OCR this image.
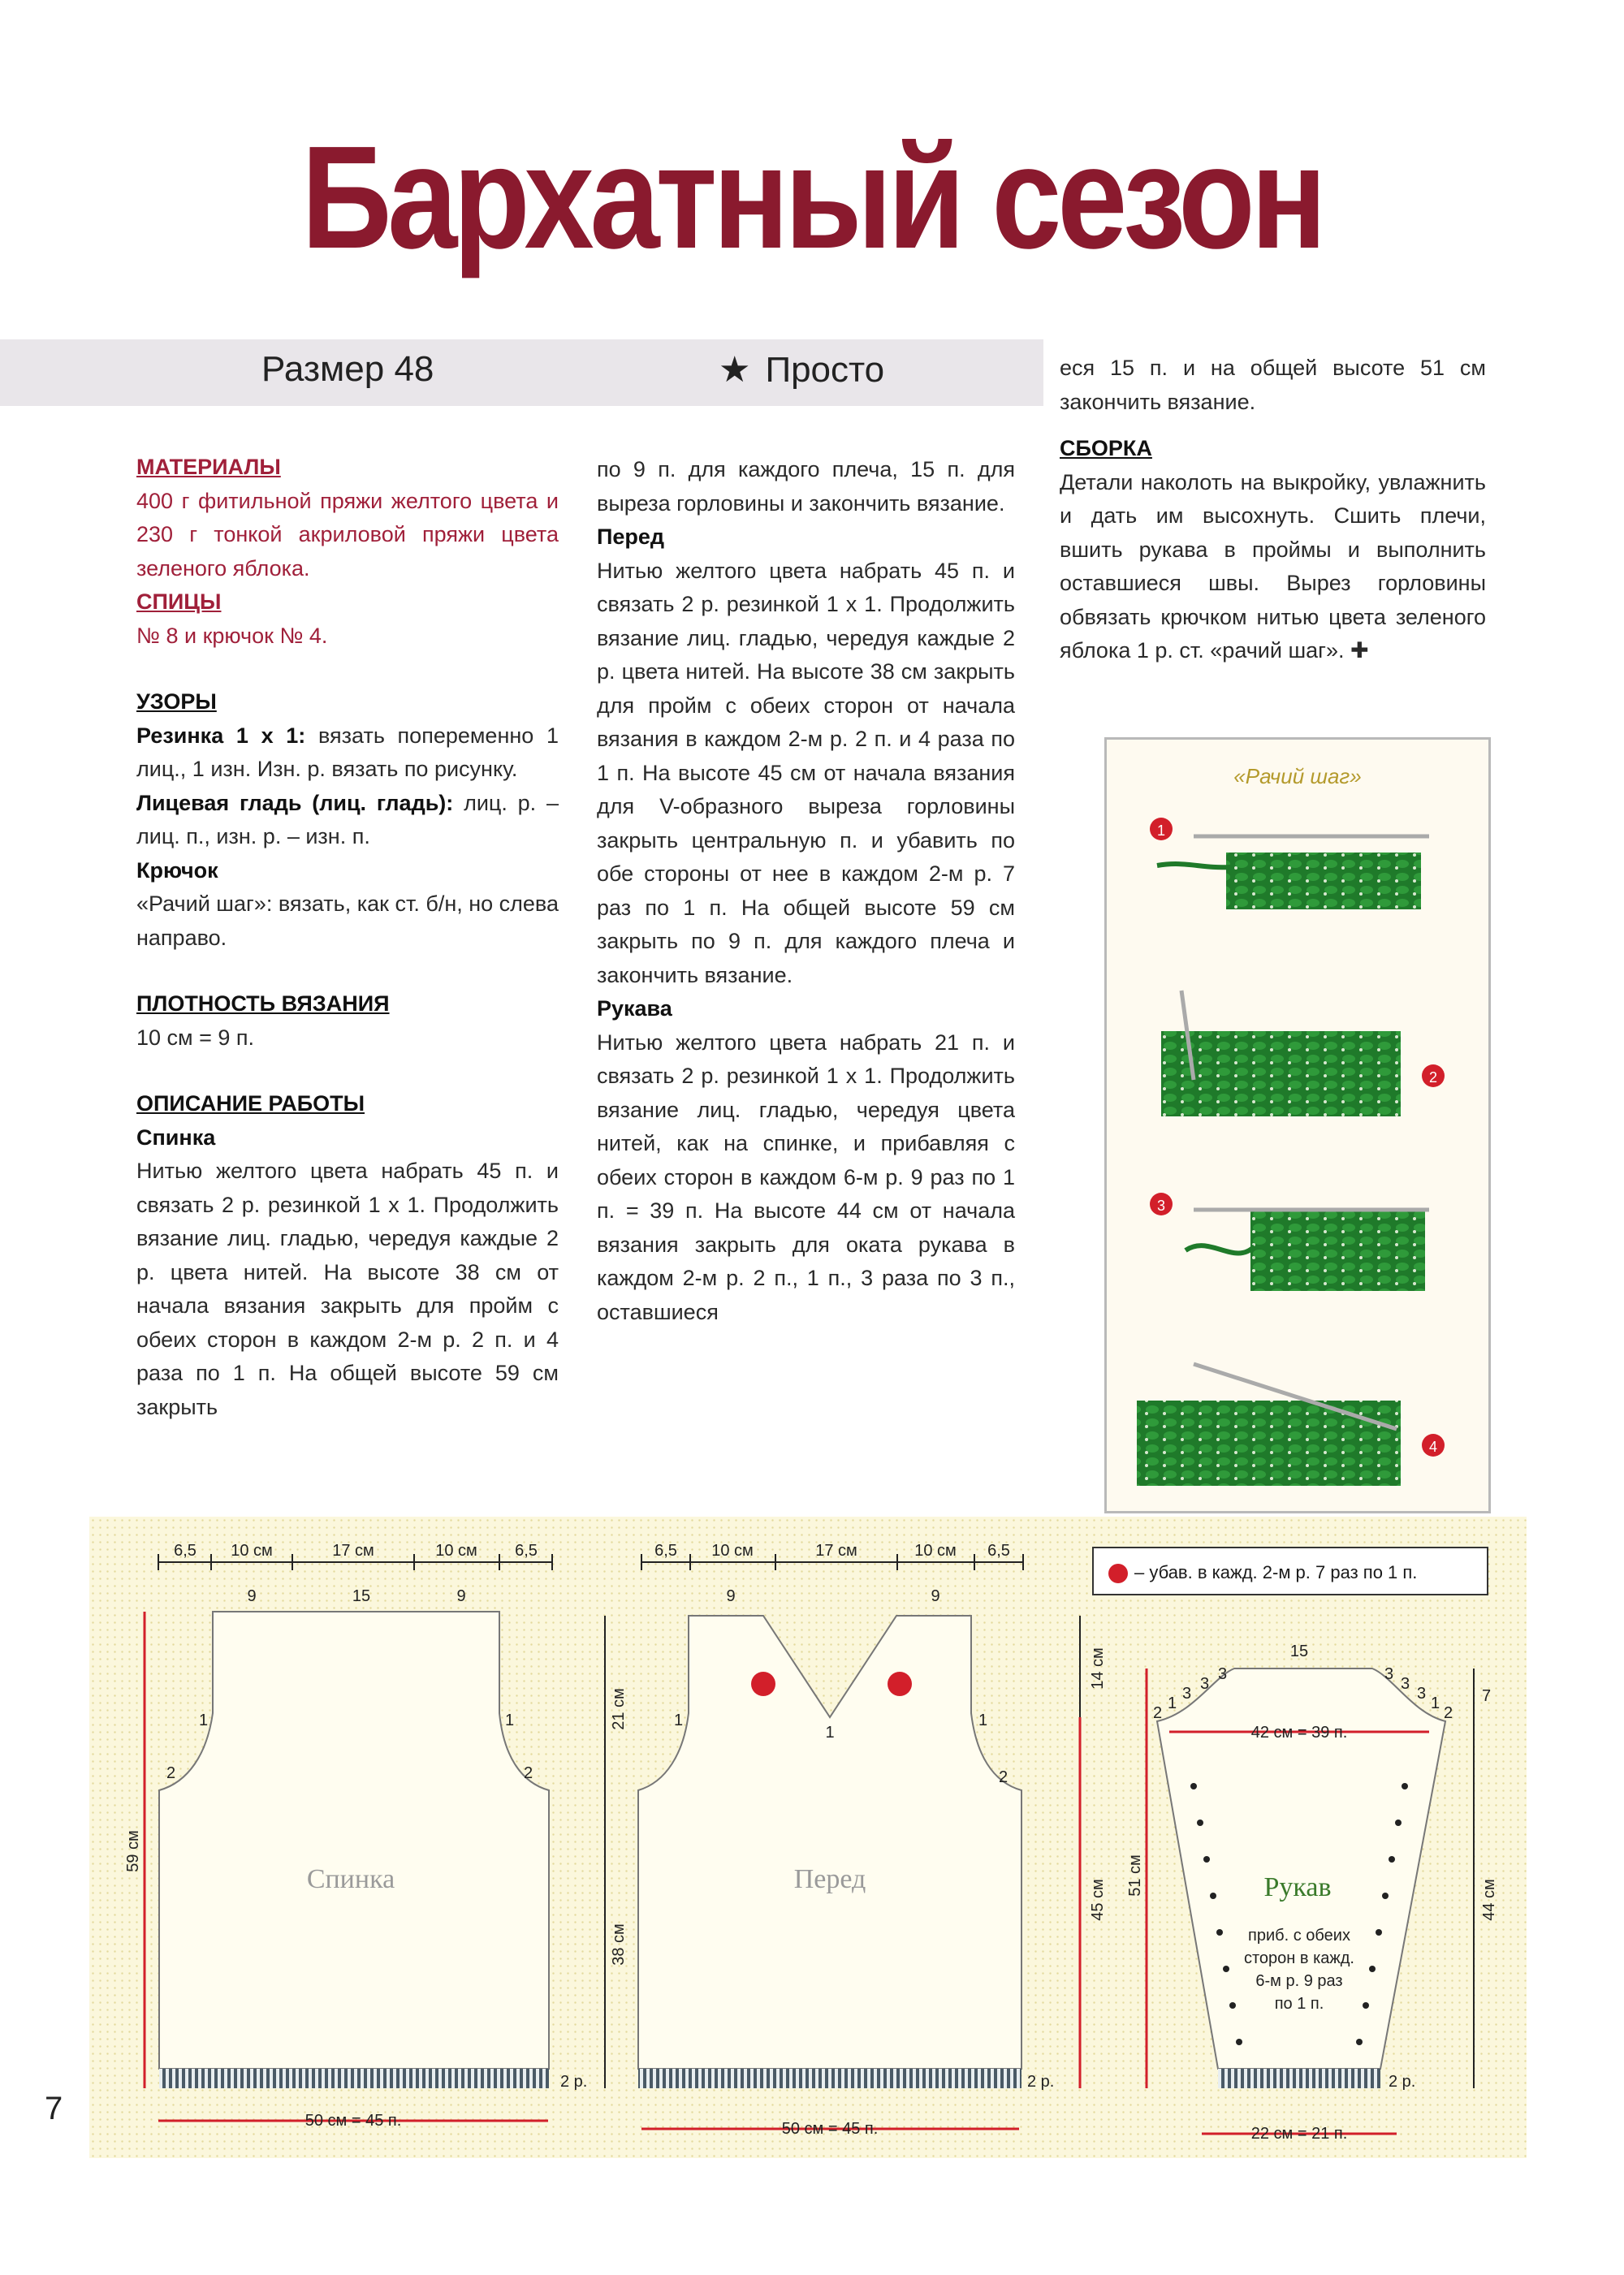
Бархатный сезон
Размер 48	★ Просто
МАТЕРИАЛЫ
400 г фитильной пряжи желтого цвета и 230 г тонкой акриловой пряжи цвета зеленого яблока.
СПИЦЫ
№ 8 и крючок № 4.
УЗОРЫ
Резинка 1 х 1: вязать попеременно 1 лиц., 1 изн. Изн. р. вязать по рисунку.
Лицевая гладь (лиц. гладь): лиц. р. – лиц. п., изн. р. – изн. п.
Крючок
«Рачий шаг»: вязать, как ст. б/н, но слева направо.
ПЛОТНОСТЬ ВЯЗАНИЯ
10 см = 9 п.
ОПИСАНИЕ РАБОТЫ
Спинка
Нитью желтого цвета набрать 45 п. и связать 2 р. резинкой 1 х 1. Продолжить вязание лиц. гладью, чередуя каждые 2 р. цвета нитей. На высоте 38 см от начала вязания закрыть для пройм с обеих сторон в каждом 2-м р. 2 п. и 4 раза по 1 п. На общей высоте 59 см закрыть
по 9 п. для каждого плеча, 15 п. для выреза горловины и закончить вязание.
Перед
Нитью желтого цвета набрать 45 п. и связать 2 р. резинкой 1 х 1. Продолжить вязание лиц. гладью, чередуя каждые 2 р. цвета нитей. На высоте 38 см закрыть для пройм с обеих сторон от начала вязания в каждом 2-м р. 2 п. и 4 раза по 1 п. На высоте 45 см от начала вязания для V-образного выреза горловины закрыть центральную п. и убавить по обе стороны от нее в каждом 2-м р. 7 раз по 1 п. На общей высоте 59 см закрыть по 9 п. для каждого плеча и закончить вязание.
Рукава
Нитью желтого цвета набрать 21 п. и связать 2 р. резинкой 1 х 1. Продолжить вязание лиц. гладью, чередуя цвета нитей, как на спинке, и прибавляя с обеих сторон в каждом 6-м р. 9 раз по 1 п. = 39 п. На высоте 44 см от начала вязания закрыть для оката рукава в каждом 2-м р. 2 п., 1 п., 3 раза по 3 п., оставшиеся
еся 15 п. и на общей высоте 51 см закончить вязание.
СБОРКА
Детали наколоть на выкройку, увлажнить и дать им высохнуть. Сшить плечи, вшить рукава в проймы и выполнить оставшиеся швы. Вырез горловины обвязать крючком нитью цвета зеленого яблока 1 р. ст. «рачий шаг». ✚
«Рачий шаг»
– убав. в кажд. 2-м р. 7 раз по 1 п.
7
1
2
3
4
6,5 10 см	17 см	10 см 6,5
9	15	9
Спинка
59 см
2 р.
50 см = 45 п.
1
2
1
2
6,5 10 см	17 см	10 см 6,5
9	9
1
Перед
21 см
38 см
14 см
45 см
2 р.
50 см = 45 п.
1	1
2
15
42 см = 39 п.
Рукав
приб. с обеих
сторон в кажд.
6-м р. 9 раз
по 1 п.
51 см
7
44 см
2 р.
22 см = 21 п.
3
3
3
1
2
3
3
3
1
2
